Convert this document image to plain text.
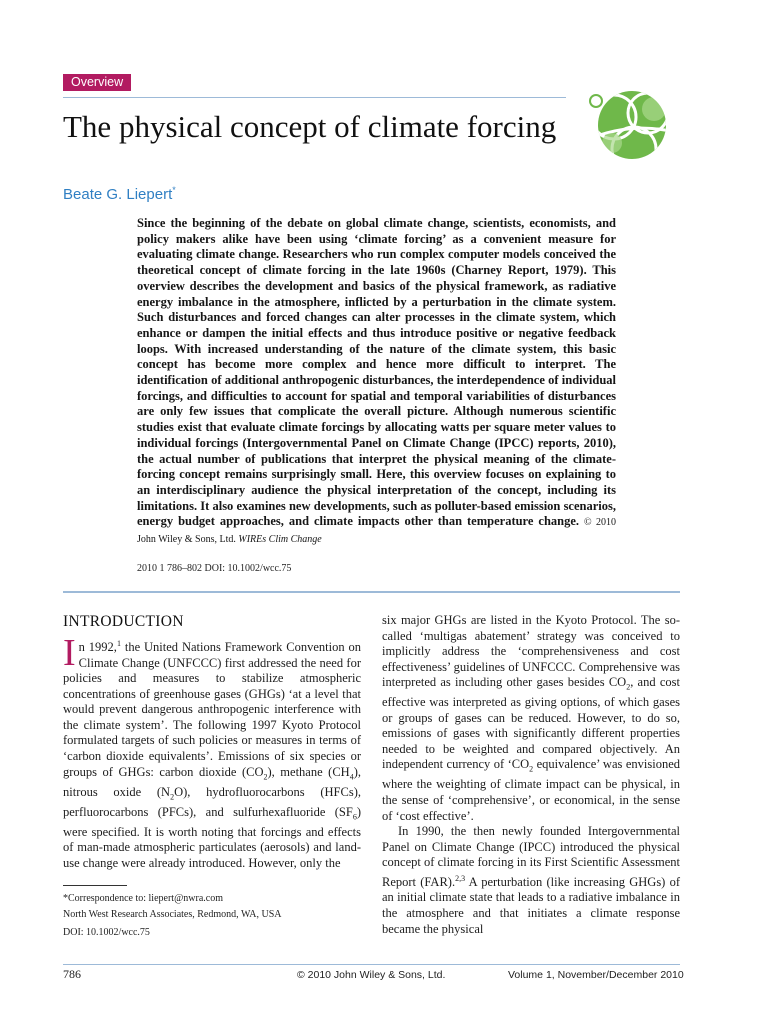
Overview
The physical concept of climate forcing
Beate G. Liepert*

Since the beginning of the debate on global climate change, scientists, economists, and policy makers alike have been using ‘climate forcing’ as a convenient measure for evaluating climate change. Researchers who run complex computer models conceived the theoretical concept of climate forcing in the late 1960s (Charney Report, 1979). This overview describes the development and basics of the physical framework, as radiative energy imbalance in the atmosphere, inflicted by a perturbation in the climate system. Such disturbances and forced changes can alter processes in the climate system, which enhance or dampen the initial effects and thus introduce positive or negative feedback loops. With increased understanding of the nature of the climate system, this basic concept has become more complex and hence more difficult to interpret. The identification of additional anthropogenic disturbances, the interdependence of individual forcings, and difficulties to account for spatial and temporal variabilities of disturbances are only few issues that complicate the overall picture. Although numerous scientific studies exist that evaluate climate forcings by allocating watts per square meter values to individual forcings (Intergovernmental Panel on Climate Change (IPCC) reports, 2010), the actual number of publications that interpret the physical meaning of the climate-forcing concept remains surprisingly small. Here, this overview focuses on explaining to an interdisciplinary audience the physical interpretation of the concept, including its limitations. It also examines new developments, such as polluter-based emission scenarios, energy budget approaches, and climate impacts other than temperature change. © 2010 John Wiley & Sons, Ltd. WIREs Clim Change

2010 1 786–802 DOI: 10.1002/wcc.75
INTRODUCTION

In 1992,$^1$ the United Nations Framework Convention on Climate Change (UNFCCC) first addressed the need for policies and measures to stabilize atmospheric concentrations of greenhouse gases (GHGs) ‘at a level that would prevent dangerous anthropogenic interference with the climate system’. The following 1997 Kyoto Protocol formulated targets of such policies or measures in terms of ‘carbon dioxide equivalents’. Emissions of six species or groups of GHGs: carbon dioxide $(CO_2)$, methane $(CH_4)$, nitrous oxide $(N_2O)$, hydrofluorocarbons (HFCs), perfluorocarbons (PFCs), and sulfurhexafluoride $(SF_6)$ were specified. It is worth noting that forcings and effects of man-made atmospheric particulates (aerosols) and land-use change were already introduced. However, only the

six major GHGs are listed in the Kyoto Protocol. The so-called ‘multigas abatement’ strategy was conceived to implicitly address the ‘comprehensiveness and cost effectiveness’ guidelines of UNFCCC. Comprehensive was interpreted as including other gases besides $CO_2$, and cost effective was interpreted as giving options, of which gases or groups of gases can be reduced. However, to do so, emissions of gases with significantly different properties needed to be weighted and compared objectively. An independent currency of ‘$CO_2$ equivalence’ was envisioned where the weighting of climate impact can be physical, in the sense of ‘comprehensive’, or economical, in the sense of ‘cost effective’.

In 1990, the then newly founded Intergovernmental Panel on Climate Change (IPCC) introduced the physical concept of climate forcing in its First Scientific Assessment Report (FAR).$^{2,3}$ A perturbation (like increasing GHGs) of an initial climate state that leads to a radiative imbalance in the atmosphere and that initiates a climate response became the physical

*Correspondence to: liepert@nwra.com
North West Research Associates, Redmond, WA, USA
DOI: 10.1002/wcc.75
786	© 2010 John Wiley & Sons, Ltd.	Volume 1, November/December 2010
